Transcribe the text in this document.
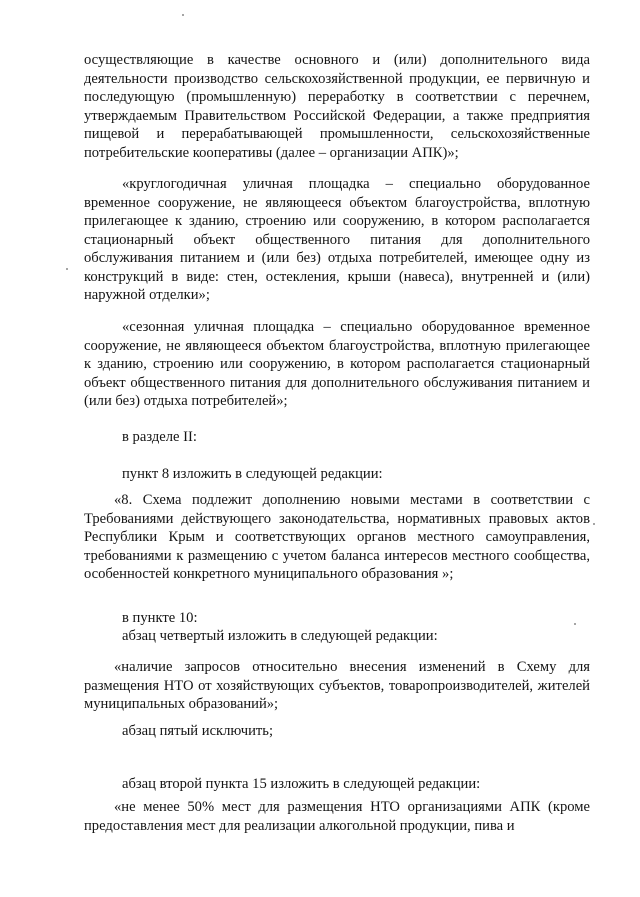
осуществляющие в качестве основного и (или) дополнительного вида деятельности производство сельскохозяйственной продукции, ее первичную и последующую (промышленную) переработку в соответствии с перечнем, утверждаемым Правительством Российской Федерации, а также предприятия пищевой и перерабатывающей промышленности, сельскохозяйственные потребительские кооперативы (далее – организации АПК)»;

«круглогодичная уличная площадка – специально оборудованное временное сооружение, не являющееся объектом благоустройства, вплотную прилегающее к зданию, строению или сооружению, в котором располагается стационарный объект общественного питания для дополнительного обслуживания питанием и (или без) отдыха потребителей, имеющее одну из конструкций в виде: стен, остекления, крыши (навеса), внутренней и (или) наружной отделки»;

«сезонная уличная площадка – специально оборудованное временное сооружение, не являющееся объектом благоустройства, вплотную прилегающее к зданию, строению или сооружению, в котором располагается стационарный объект общественного питания для дополнительного обслуживания питанием и (или без) отдыха потребителей»;

в разделе II:

пункт 8 изложить в следующей редакции:

«8. Схема подлежит дополнению новыми местами в соответствии с Требованиями действующего законодательства, нормативных правовых актов Республики Крым и соответствующих органов местного самоуправления, требованиями к размещению с учетом баланса интересов местного сообщества, особенностей конкретного муниципального образования »;

в пункте 10:

абзац четвертый изложить в следующей редакции:

«наличие запросов относительно внесения изменений в Схему для размещения НТО от хозяйствующих субъектов, товаропроизводителей, жителей муниципальных образований»;

абзац пятый исключить;

абзац второй пункта 15 изложить в следующей редакции:

«не менее 50% мест для размещения НТО организациями АПК (кроме предоставления мест для реализации алкогольной продукции, пива и
